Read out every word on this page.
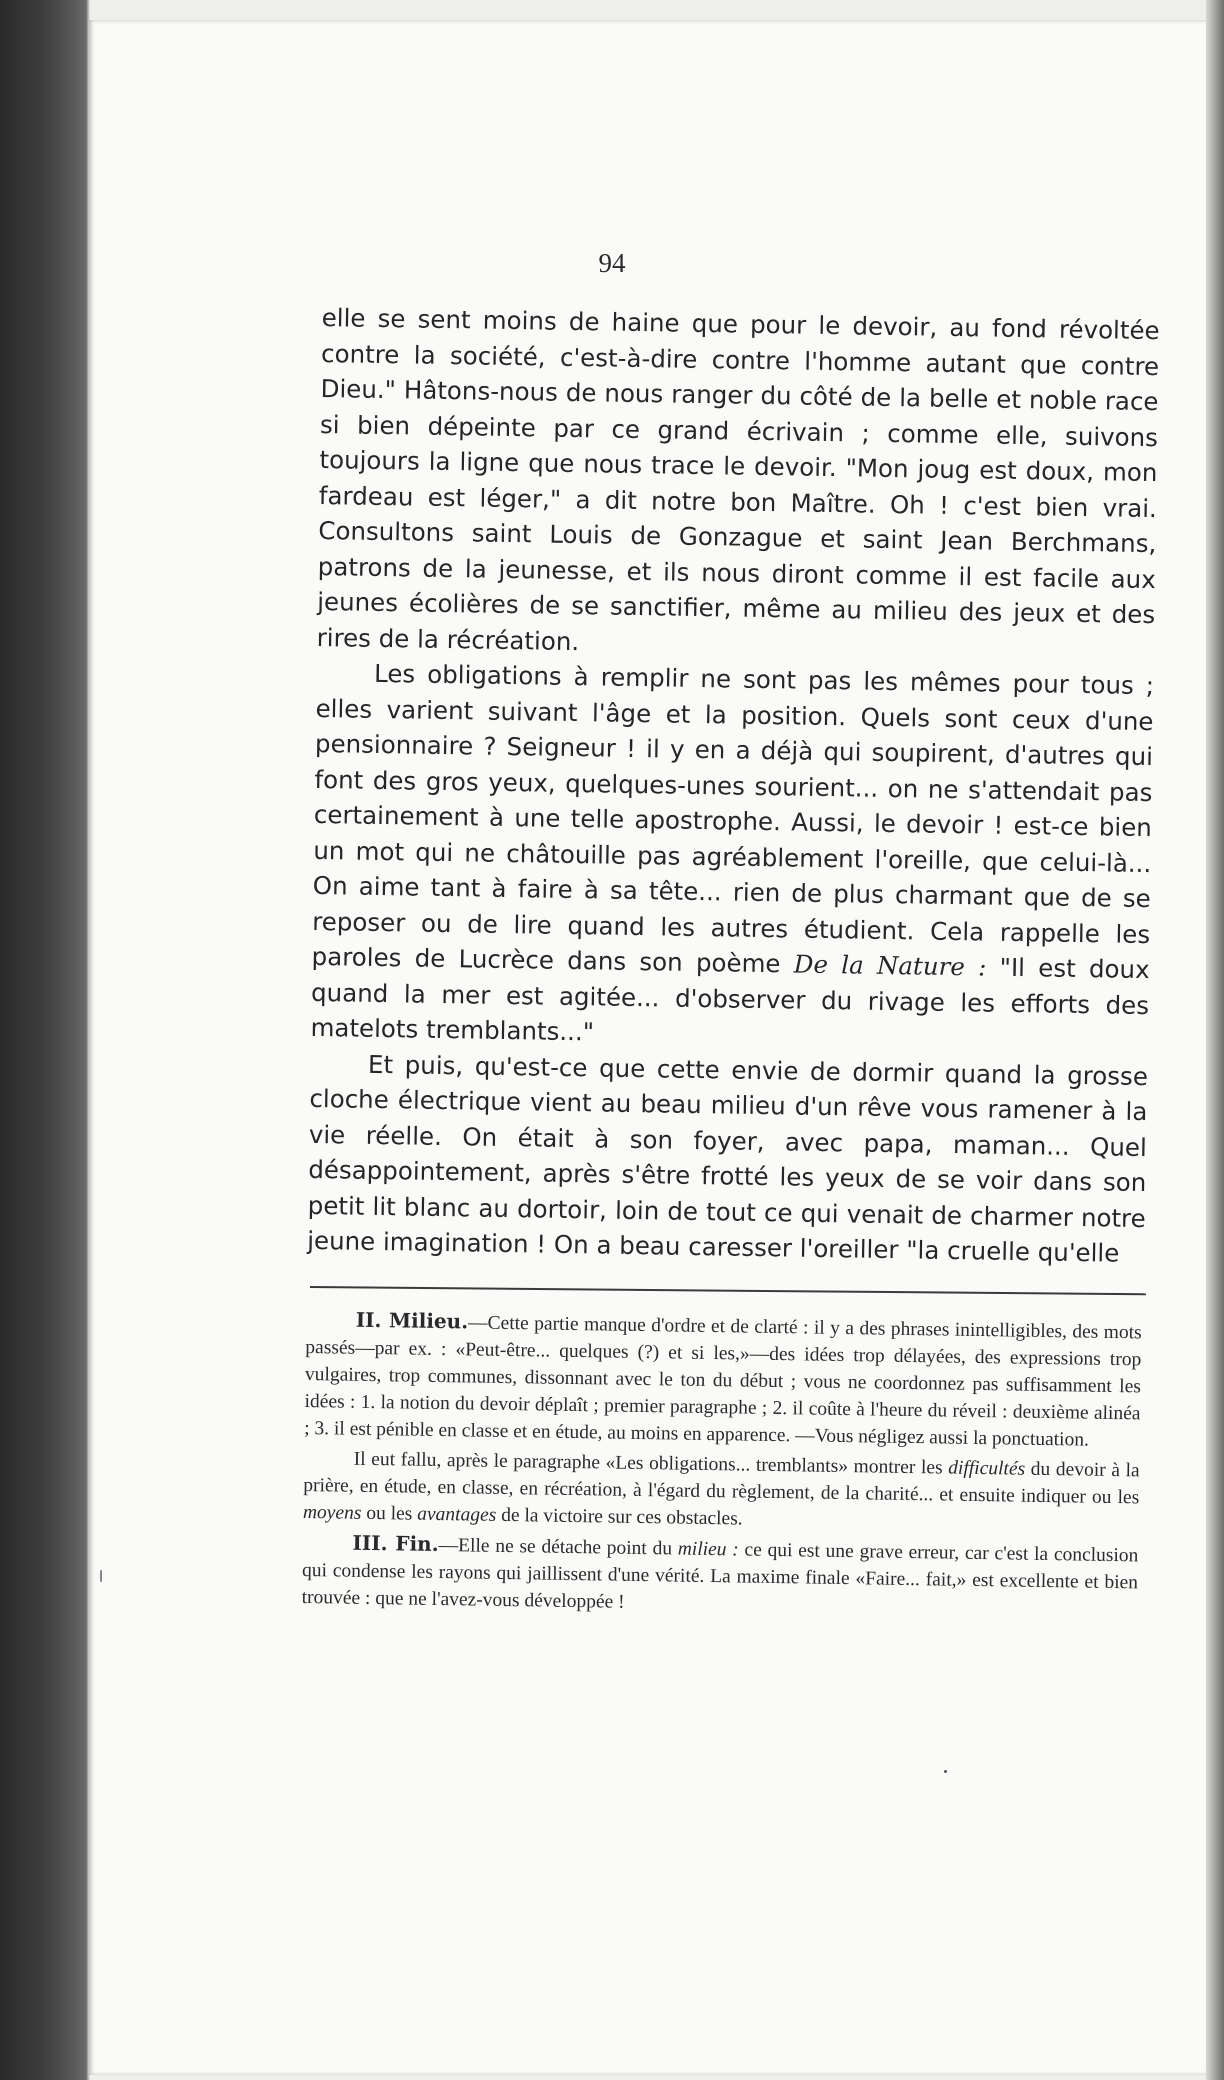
94

elle se sent moins de haine que pour le devoir, au fond révoltée contre la société, c'est-à-dire contre l'homme autant que contre Dieu." Hâtons-nous de nous ranger du côté de la belle et noble race si bien dépeinte par ce grand écrivain ; comme elle, suivons toujours la ligne que nous trace le devoir. "Mon joug est doux, mon fardeau est léger," a dit notre bon Maître. Oh ! c'est bien vrai. Consultons saint Louis de Gonzague et saint Jean Berchmans, patrons de la jeunesse, et ils nous diront comme il est facile aux jeunes écolières de se sanctifier, même au milieu des jeux et des rires de la récréation.

Les obligations à remplir ne sont pas les mêmes pour tous ; elles varient suivant l'âge et la position. Quels sont ceux d'une pensionnaire ? Seigneur ! il y en a déjà qui soupirent, d'autres qui font des gros yeux, quelques-unes sourient... on ne s'attendait pas certainement à une telle apostrophe. Aussi, le devoir ! est-ce bien un mot qui ne châtouille pas agréablement l'oreille, que celui-là... On aime tant à faire à sa tête... rien de plus charmant que de se reposer ou de lire quand les autres étudient. Cela rappelle les paroles de Lucrèce dans son poème De la Nature : "Il est doux quand la mer est agitée... d'observer du rivage les efforts des matelots tremblants..."

Et puis, qu'est-ce que cette envie de dormir quand la grosse cloche électrique vient au beau milieu d'un rêve vous ramener à la vie réelle. On était à son foyer, avec papa, maman... Quel désappointement, après s'être frotté les yeux de se voir dans son petit lit blanc au dortoir, loin de tout ce qui venait de charmer notre jeune imagination ! On a beau caresser l'oreiller "la cruelle qu'elle

II. Milieu.—Cette partie manque d'ordre et de clarté : il y a des phrases inintelligibles, des mots passés—par ex. : «Peut-être... quelques (?) et si les,»—des idées trop délayées, des expressions trop vulgaires, trop communes, dissonnant avec le ton du début ; vous ne coordonnez pas suffisamment les idées : 1. la notion du devoir déplaît ; premier paragraphe ; 2. il coûte à l'heure du réveil : deuxième alinéa ; 3. il est pénible en classe et en étude, au moins en apparence. —Vous négligez aussi la ponctuation.

Il eut fallu, après le paragraphe «Les obligations... tremblants» montrer les difficultés du devoir à la prière, en étude, en classe, en récréation, à l'égard du règlement, de la charité... et ensuite indiquer ou les moyens ou les avantages de la victoire sur ces obstacles.

III. Fin.—Elle ne se détache point du milieu : ce qui est une grave erreur, car c'est la conclusion qui condense les rayons qui jaillissent d'une vérité. La maxime finale «Faire... fait,» est excellente et bien trouvée : que ne l'avez-vous développée !
